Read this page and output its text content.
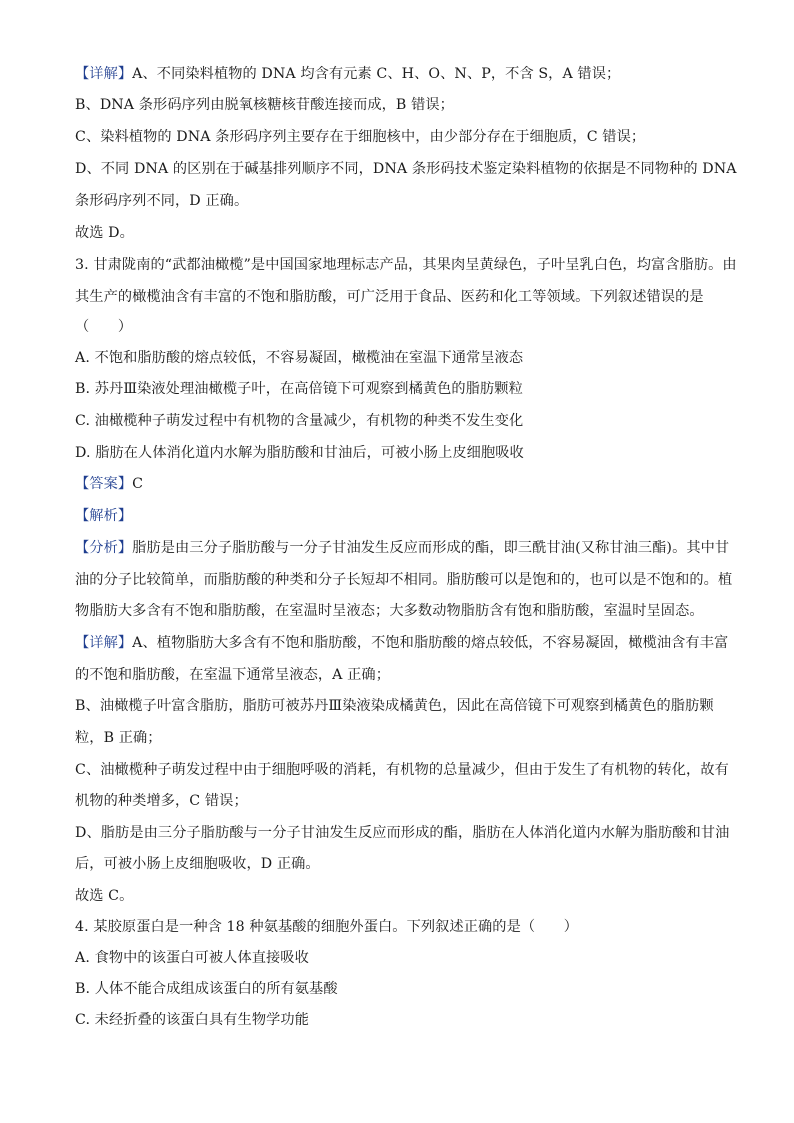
【详解】A、不同染料植物的 DNA 均含有元素 C、H、O、N、P，不含 S，A 错误；
B、DNA 条形码序列由脱氧核糖核苷酸连接而成，B 错误；
C、染料植物的 DNA 条形码序列主要存在于细胞核中，由少部分存在于细胞质，C 错误；
D、不同 DNA 的区别在于碱基排列顺序不同，DNA 条形码技术鉴定染料植物的依据是不同物种的 DNA
条形码序列不同，D 正确。
故选 D。
3. 甘肃陇南的“武都油橄榄”是中国国家地理标志产品，其果肉呈黄绿色，子叶呈乳白色，均富含脂肪。由
其生产的橄榄油含有丰富的不饱和脂肪酸，可广泛用于食品、医药和化工等领域。下列叙述错误的是
（　　）
A. 不饱和脂肪酸的熔点较低，不容易凝固，橄榄油在室温下通常呈液态
B. 苏丹Ⅲ染液处理油橄榄子叶，在高倍镜下可观察到橘黄色的脂肪颗粒
C. 油橄榄种子萌发过程中有机物的含量减少，有机物的种类不发生变化
D. 脂肪在人体消化道内水解为脂肪酸和甘油后，可被小肠上皮细胞吸收
【答案】C
【解析】
【分析】脂肪是由三分子脂肪酸与一分子甘油发生反应而形成的酯，即三酰甘油(又称甘油三酯)。其中甘
油的分子比较简单，而脂肪酸的种类和分子长短却不相同。脂肪酸可以是饱和的，也可以是不饱和的。植
物脂肪大多含有不饱和脂肪酸，在室温时呈液态；大多数动物脂肪含有饱和脂肪酸，室温时呈固态。
【详解】A、植物脂肪大多含有不饱和脂肪酸，不饱和脂肪酸的熔点较低，不容易凝固，橄榄油含有丰富
的不饱和脂肪酸，在室温下通常呈液态，A 正确；
B、油橄榄子叶富含脂肪，脂肪可被苏丹Ⅲ染液染成橘黄色，因此在高倍镜下可观察到橘黄色的脂肪颗
粒，B 正确；
C、油橄榄种子萌发过程中由于细胞呼吸的消耗，有机物的总量减少，但由于发生了有机物的转化，故有
机物的种类增多，C 错误；
D、脂肪是由三分子脂肪酸与一分子甘油发生反应而形成的酯，脂肪在人体消化道内水解为脂肪酸和甘油
后，可被小肠上皮细胞吸收，D 正确。
故选 C。
4. 某胶原蛋白是一种含 18 种氨基酸的细胞外蛋白。下列叙述正确的是（　　）
A. 食物中的该蛋白可被人体直接吸收
B. 人体不能合成组成该蛋白的所有氨基酸
C. 未经折叠的该蛋白具有生物学功能
